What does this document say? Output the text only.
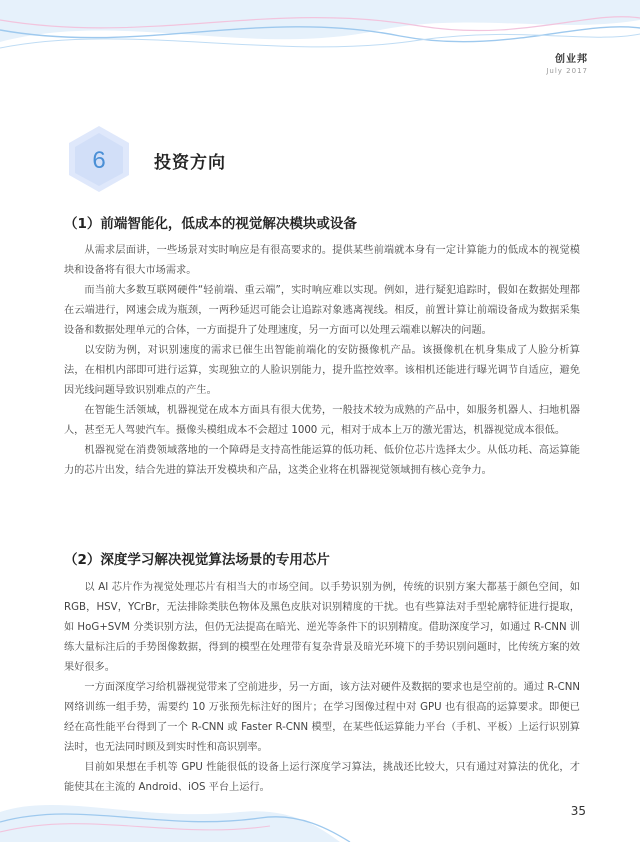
创业邦
July 2017
6	投资方向
（1）前端智能化，低成本的视觉解决模块或设备

从需求层面讲，一些场景对实时响应是有很高要求的。提供某些前端就本身有一定计算能力的低成本的视觉模块和设备将有很大市场需求。

而当前大多数互联网硬件“轻前端、重云端”，实时响应难以实现。例如，进行疑犯追踪时，假如在数据处理都在云端进行，网速会成为瓶颈，一两秒延迟可能会让追踪对象逃离视线。相反，前置计算让前端设备成为数据采集设备和数据处理单元的合体，一方面提升了处理速度，另一方面可以处理云端难以解决的问题。

以安防为例，对识别速度的需求已催生出智能前端化的安防摄像机产品。该摄像机在机身集成了人脸分析算法，在相机内部即可进行运算，实现独立的人脸识别能力，提升监控效率。该相机还能进行曝光调节自适应，避免因光线问题导致识别难点的产生。

在智能生活领域，机器视觉在成本方面具有很大优势，一般技术较为成熟的产品中，如服务机器人、扫地机器人，甚至无人驾驶汽车。摄像头模组成本不会超过 1000 元，相对于成本上万的激光雷达，机器视觉成本很低。

机器视觉在消费领域落地的一个障碍是支持高性能运算的低功耗、低价位芯片选择太少。从低功耗、高运算能力的芯片出发，结合先进的算法开发模块和产品，这类企业将在机器视觉领域拥有核心竞争力。

（2）深度学习解决视觉算法场景的专用芯片

以 AI 芯片作为视觉处理芯片有相当大的市场空间。以手势识别为例，传统的识别方案大都基于颜色空间，如 RGB，HSV，YCrBr，无法排除类肤色物体及黑色皮肤对识别精度的干扰。也有些算法对手型轮廓特征进行提取，如 HoG+SVM 分类识别方法，但仍无法提高在暗光、逆光等条件下的识别精度。借助深度学习，如通过 R-CNN 训练大量标注后的手势图像数据，得到的模型在处理带有复杂背景及暗光环境下的手势识别问题时，比传统方案的效果好很多。

一方面深度学习给机器视觉带来了空前进步，另一方面，该方法对硬件及数据的要求也是空前的。通过 R-CNN 网络训练一组手势，需要约 10 万张预先标注好的图片；在学习图像过程中对 GPU 也有很高的运算要求。即便已经在高性能平台得到了一个 R-CNN 或 Faster R-CNN 模型，在某些低运算能力平台（手机、平板）上运行识别算法时，也无法同时顾及到实时性和高识别率。

目前如果想在手机等 GPU 性能很低的设备上运行深度学习算法，挑战还比较大，只有通过对算法的优化，才能使其在主流的 Android、iOS 平台上运行。

35
